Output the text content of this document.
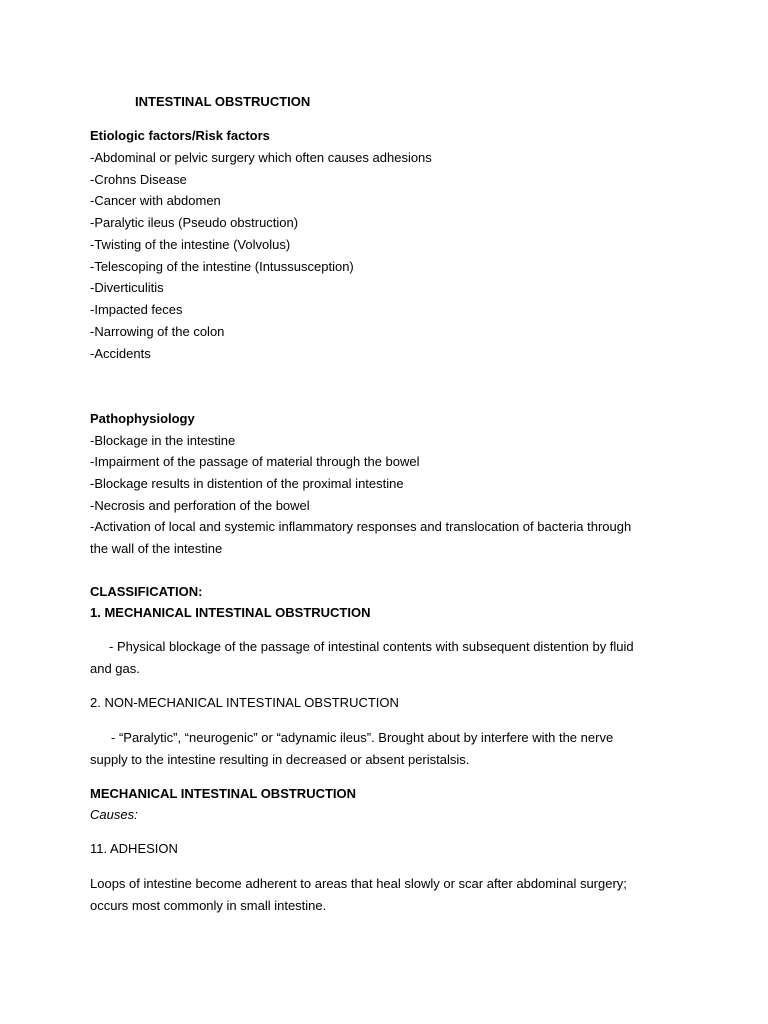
INTESTINAL OBSTRUCTION
Etiologic factors/Risk factors
-Abdominal or pelvic surgery which often causes adhesions
-Crohns Disease
-Cancer with abdomen
-Paralytic ileus (Pseudo obstruction)
-Twisting of the intestine (Volvolus)
-Telescoping of the intestine (Intussusception)
-Diverticulitis
-Impacted feces
-Narrowing of the colon
-Accidents
Pathophysiology
-Blockage in the intestine
-Impairment of the passage of material through the bowel
-Blockage results in distention of the proximal intestine
-Necrosis and perforation of the bowel
-Activation of local and systemic inflammatory responses and translocation of bacteria through
the wall of the intestine
CLASSIFICATION:
1. MECHANICAL INTESTINAL OBSTRUCTION
- Physical blockage of the passage of intestinal contents with subsequent distention by fluid
and gas.
2. NON-MECHANICAL INTESTINAL OBSTRUCTION
- “Paralytic”, “neurogenic” or “adynamic ileus”. Brought about by interfere with the nerve
supply to the intestine resulting in decreased or absent peristalsis.
MECHANICAL INTESTINAL OBSTRUCTION
Causes:
11. ADHESION
Loops of intestine become adherent to areas that heal slowly or scar after abdominal surgery;
occurs most commonly in small intestine.
